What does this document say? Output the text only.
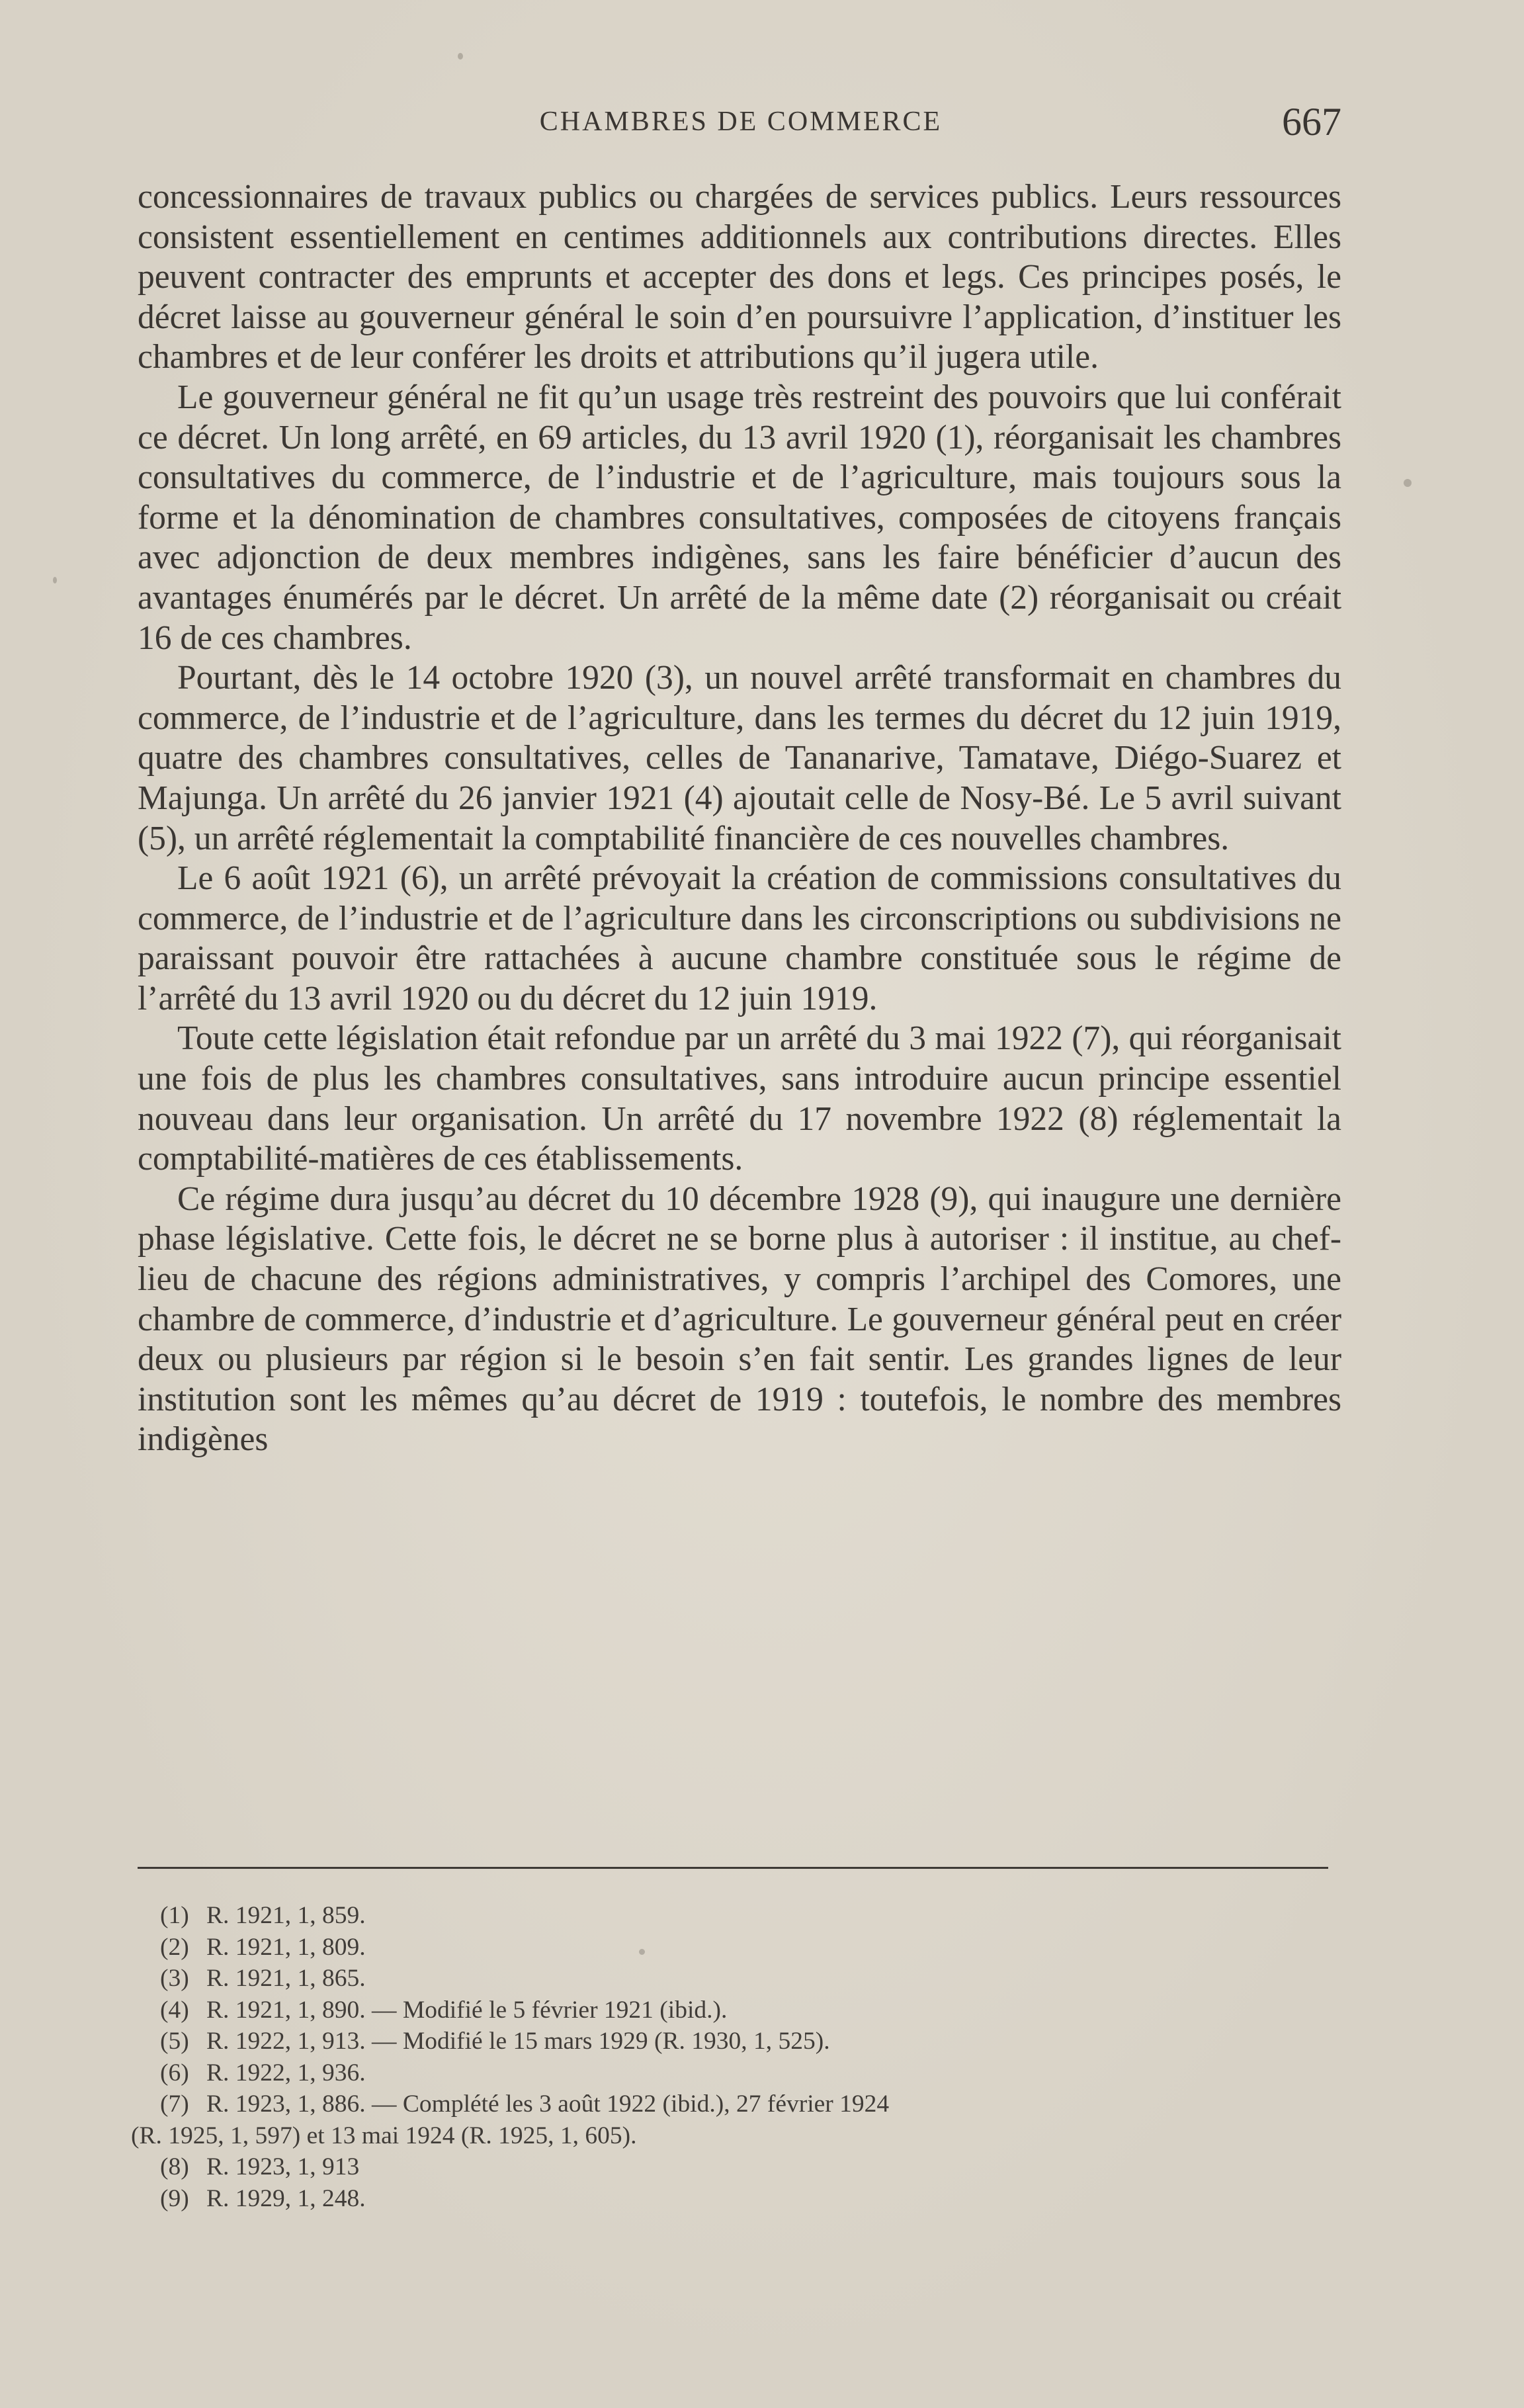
CHAMBRES DE COMMERCE	667

concessionnaires de travaux publics ou chargées de services publics. Leurs ressources consistent essentiellement en centimes additionnels aux contributions directes. Elles peuvent contracter des emprunts et accepter des dons et legs. Ces principes posés, le décret laisse au gouverneur général le soin d’en poursuivre l’application, d’instituer les chambres et de leur conférer les droits et attributions qu’il jugera utile.

Le gouverneur général ne fit qu’un usage très restreint des pouvoirs que lui conférait ce décret. Un long arrêté, en 69 articles, du 13 avril 1920 (1), réorganisait les chambres consultatives du commerce, de l’industrie et de l’agriculture, mais toujours sous la forme et la dénomination de chambres consultatives, composées de citoyens français avec adjonction de deux membres indigènes, sans les faire bénéficier d’aucun des avantages énumérés par le décret. Un arrêté de la même date (2) réorganisait ou créait 16 de ces chambres.

Pourtant, dès le 14 octobre 1920 (3), un nouvel arrêté transformait en chambres du commerce, de l’industrie et de l’agriculture, dans les termes du décret du 12 juin 1919, quatre des chambres consultatives, celles de Tananarive, Tamatave, Diégo-Suarez et Majunga. Un arrêté du 26 janvier 1921 (4) ajoutait celle de Nosy-Bé. Le 5 avril suivant (5), un arrêté réglementait la comptabilité financière de ces nouvelles chambres.

Le 6 août 1921 (6), un arrêté prévoyait la création de commissions consultatives du commerce, de l’industrie et de l’agriculture dans les circonscriptions ou subdivisions ne paraissant pouvoir être rattachées à aucune chambre constituée sous le régime de l’arrêté du 13 avril 1920 ou du décret du 12 juin 1919.

Toute cette législation était refondue par un arrêté du 3 mai 1922 (7), qui réorganisait une fois de plus les chambres consultatives, sans introduire aucun principe essentiel nouveau dans leur organisation. Un arrêté du 17 novembre 1922 (8) réglementait la comptabilité-matières de ces établissements.

Ce régime dura jusqu’au décret du 10 décembre 1928 (9), qui inaugure une dernière phase législative. Cette fois, le décret ne se borne plus à autoriser : il institue, au chef-lieu de chacune des régions administratives, y compris l’archipel des Comores, une chambre de commerce, d’industrie et d’agriculture. Le gouverneur général peut en créer deux ou plusieurs par région si le besoin s’en fait sentir. Les grandes lignes de leur institution sont les mêmes qu’au décret de 1919 : toutefois, le nombre des membres indigènes

(1) R. 1921, 1, 859.
(2) R. 1921, 1, 809.
(3) R. 1921, 1, 865.
(4) R. 1921, 1, 890. — Modifié le 5 février 1921 (ibid.).
(5) R. 1922, 1, 913. — Modifié le 15 mars 1929 (R. 1930, 1, 525).
(6) R. 1922, 1, 936.
(7) R. 1923, 1, 886. — Complété les 3 août 1922 (ibid.), 27 février 1924
(R. 1925, 1, 597) et 13 mai 1924 (R. 1925, 1, 605).
(8) R. 1923, 1, 913
(9) R. 1929, 1, 248.
